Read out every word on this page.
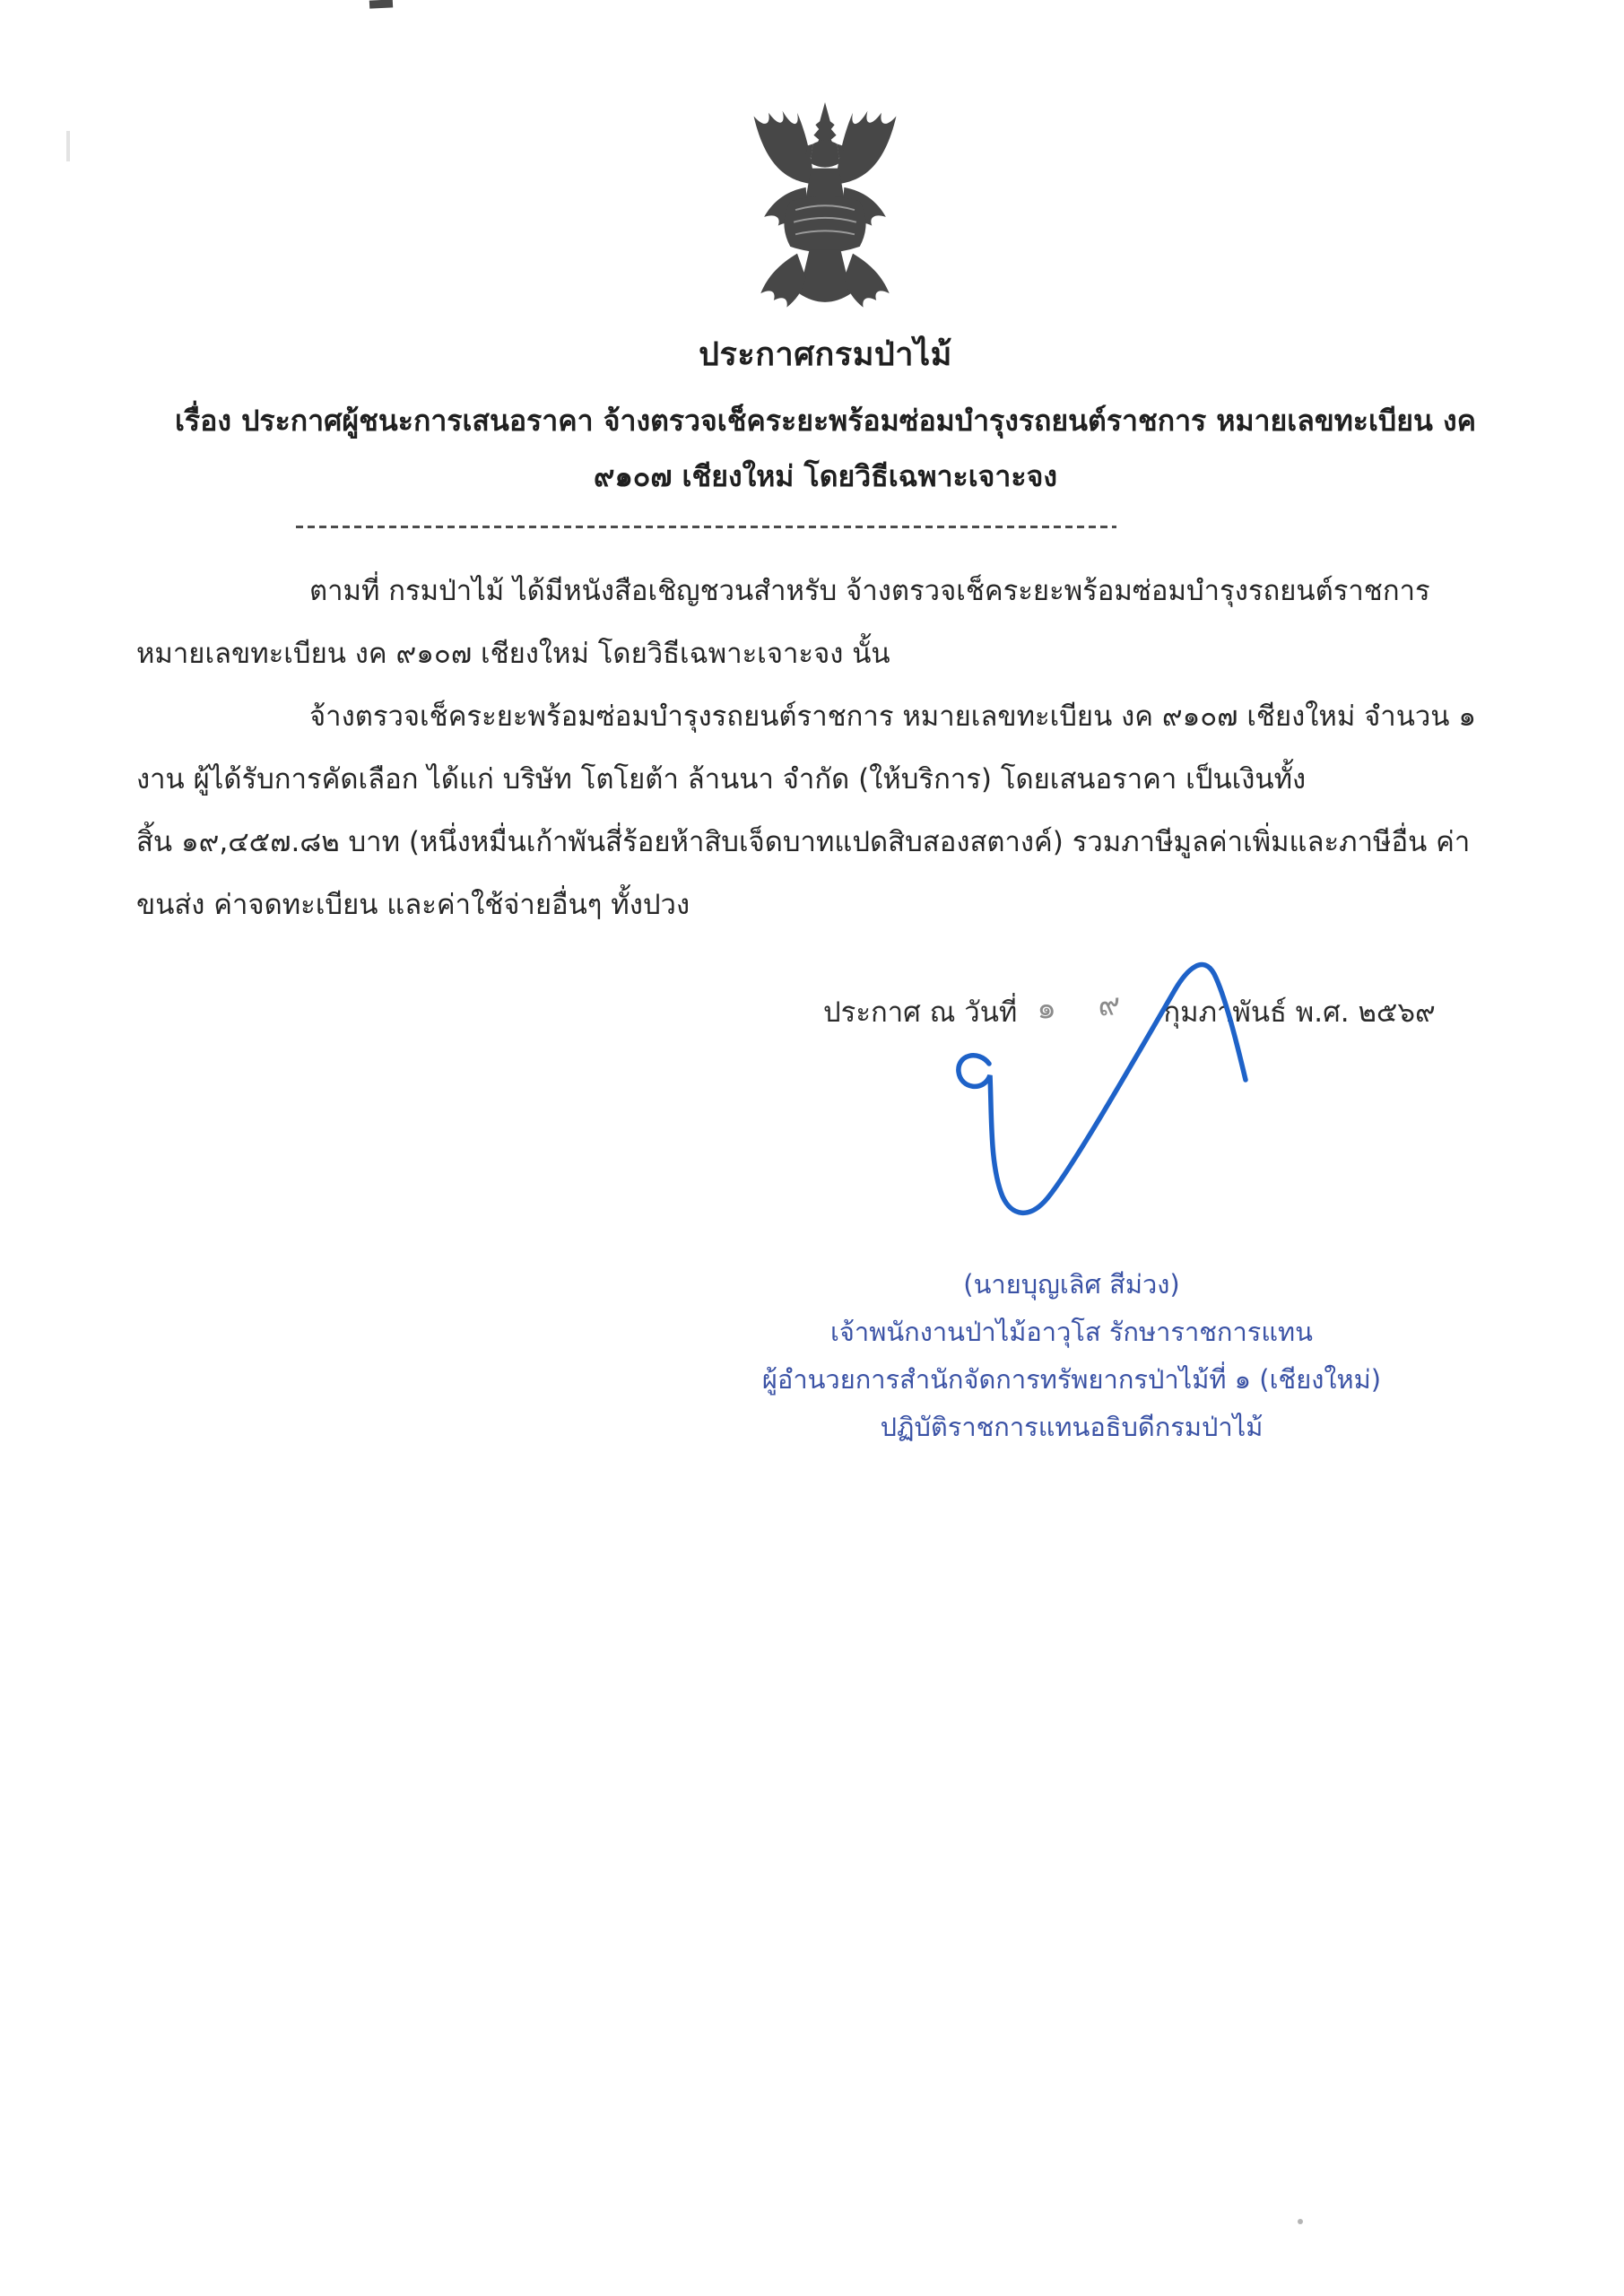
ประกาศกรมป่าไม้
เรื่อง ประกาศผู้ชนะการเสนอราคา จ้างตรวจเช็คระยะพร้อมซ่อมบำรุงรถยนต์ราชการ หมายเลขทะเบียน งค
๙๑๐๗ เชียงใหม่ โดยวิธีเฉพาะเจาะจง
ตามที่ กรมป่าไม้ ได้มีหนังสือเชิญชวนสำหรับ จ้างตรวจเช็คระยะพร้อมซ่อมบำรุงรถยนต์ราชการ
หมายเลขทะเบียน งค ๙๑๐๗ เชียงใหม่ โดยวิธีเฉพาะเจาะจง นั้น
จ้างตรวจเช็คระยะพร้อมซ่อมบำรุงรถยนต์ราชการ หมายเลขทะเบียน งค ๙๑๐๗ เชียงใหม่ จำนวน ๑
งาน ผู้ได้รับการคัดเลือก ได้แก่ บริษัท โตโยต้า ล้านนา จำกัด (ให้บริการ) โดยเสนอราคา เป็นเงินทั้ง
สิ้น ๑๙,๔๕๗.๘๒ บาท (หนึ่งหมื่นเก้าพันสี่ร้อยห้าสิบเจ็ดบาทแปดสิบสองสตางค์) รวมภาษีมูลค่าเพิ่มและภาษีอื่น ค่า
ขนส่ง ค่าจดทะเบียน และค่าใช้จ่ายอื่นๆ ทั้งปวง
ประกาศ ณ วันที่ ๑ ๙ กุมภาพันธ์ พ.ศ. ๒๕๖๙
(นายบุญเลิศ สีม่วง)
เจ้าพนักงานป่าไม้อาวุโส รักษาราชการแทน
ผู้อำนวยการสำนักจัดการทรัพยากรป่าไม้ที่ ๑ (เชียงใหม่)
ปฏิบัติราชการแทนอธิบดีกรมป่าไม้
